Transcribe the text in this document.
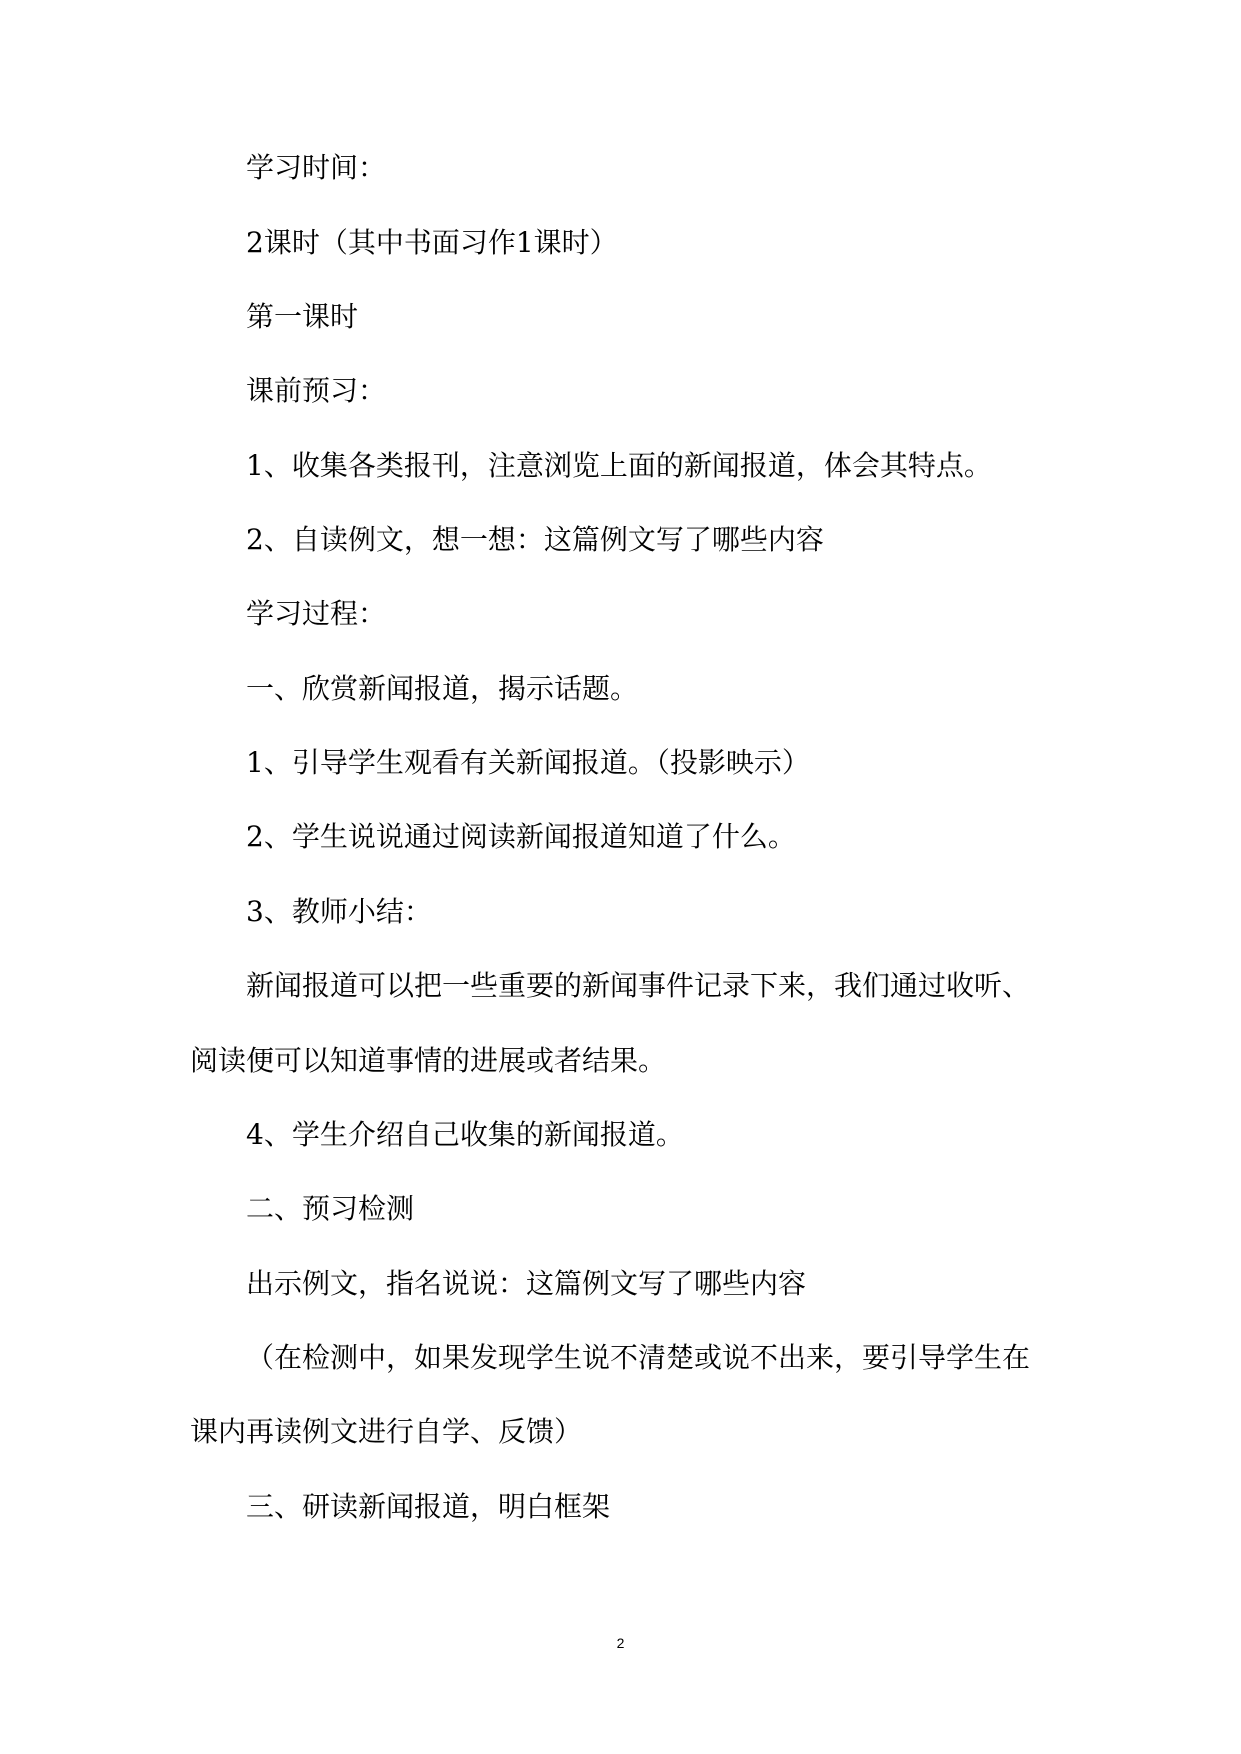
学习时间：
2课时（其中书面习作1课时）
第一课时
课前预习：
1、收集各类报刊，注意浏览上面的新闻报道，体会其特点。
2、自读例文，想一想：这篇例文写了哪些内容
学习过程：
一、欣赏新闻报道，揭示话题。
1、引导学生观看有关新闻报道。（投影映示）
2、学生说说通过阅读新闻报道知道了什么。
3、教师小结：
新闻报道可以把一些重要的新闻事件记录下来，我们通过收听、
阅读便可以知道事情的进展或者结果。
4、学生介绍自己收集的新闻报道。
二、预习检测
出示例文，指名说说：这篇例文写了哪些内容
（在检测中，如果发现学生说不清楚或说不出来，要引导学生在
课内再读例文进行自学、反馈）
三、研读新闻报道，明白框架
2
